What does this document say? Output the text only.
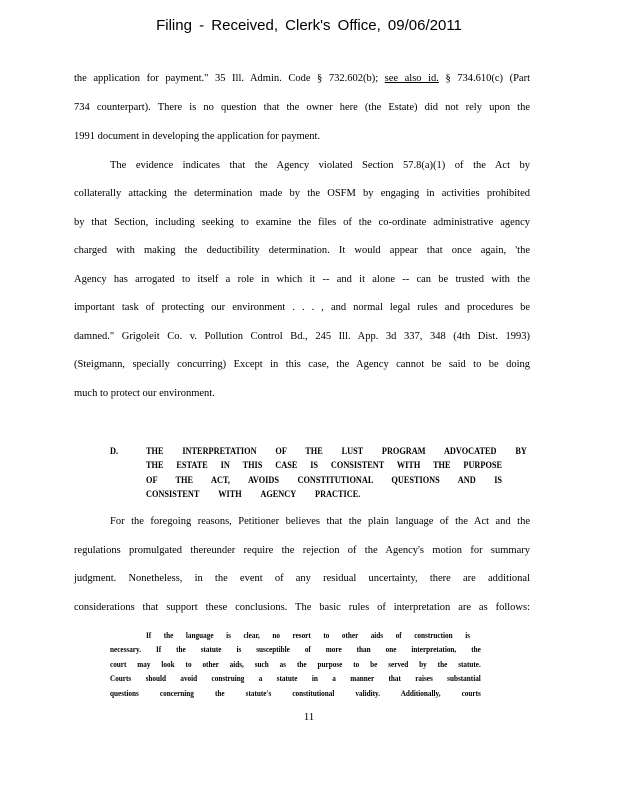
Filing - Received, Clerk's Office, 09/06/2011
the application for payment." 35 Ill. Admin. Code § 732.602(b); see also id. § 734.610(c) (Part
734 counterpart). There is no question that the owner here (the Estate) did not rely upon the
1991 document in developing the application for payment.
The evidence indicates that the Agency violated Section 57.8(a)(1) of the Act by
collaterally attacking the determination made by the OSFM by engaging in activities prohibited
by that Section, including seeking to examine the files of the co-ordinate administrative agency
charged with making the deductibility determination. It would appear that once again, 'the
Agency has arrogated to itself a role in which it -- and it alone -- can be trusted with the
important task of protecting our environment . . . , and normal legal rules and procedures be
damned." Grigoleit Co. v. Pollution Control Bd., 245 Ill. App. 3d 337, 348 (4th Dist. 1993)
(Steigmann, specially concurring) Except in this case, the Agency cannot be said to be doing
much to protect our environment.
D.	THE INTERPRETATION OF THE LUST PROGRAM ADVOCATED BY
THE ESTATE IN THIS CASE IS CONSISTENT WITH THE PURPOSE
OF THE ACT, AVOIDS CONSTITUTIONAL QUESTIONS AND IS
CONSISTENT WITH AGENCY PRACTICE.
For the foregoing reasons, Petitioner believes that the plain language of the Act and the
regulations promulgated thereunder require the rejection of the Agency's motion for summary
judgment. Nonetheless, in the event of any residual uncertainty, there are additional
considerations that support these conclusions. The basic rules of interpretation are as follows:
If the language is clear, no resort to other aids of construction is
necessary. If the statute is susceptible of more than one interpretation, the
court may look to other aids, such as the purpose to be served by the statute.
Courts should avoid construing a statute in a manner that raises substantial
questions concerning the statute's constitutional validity. Additionally, courts
11
